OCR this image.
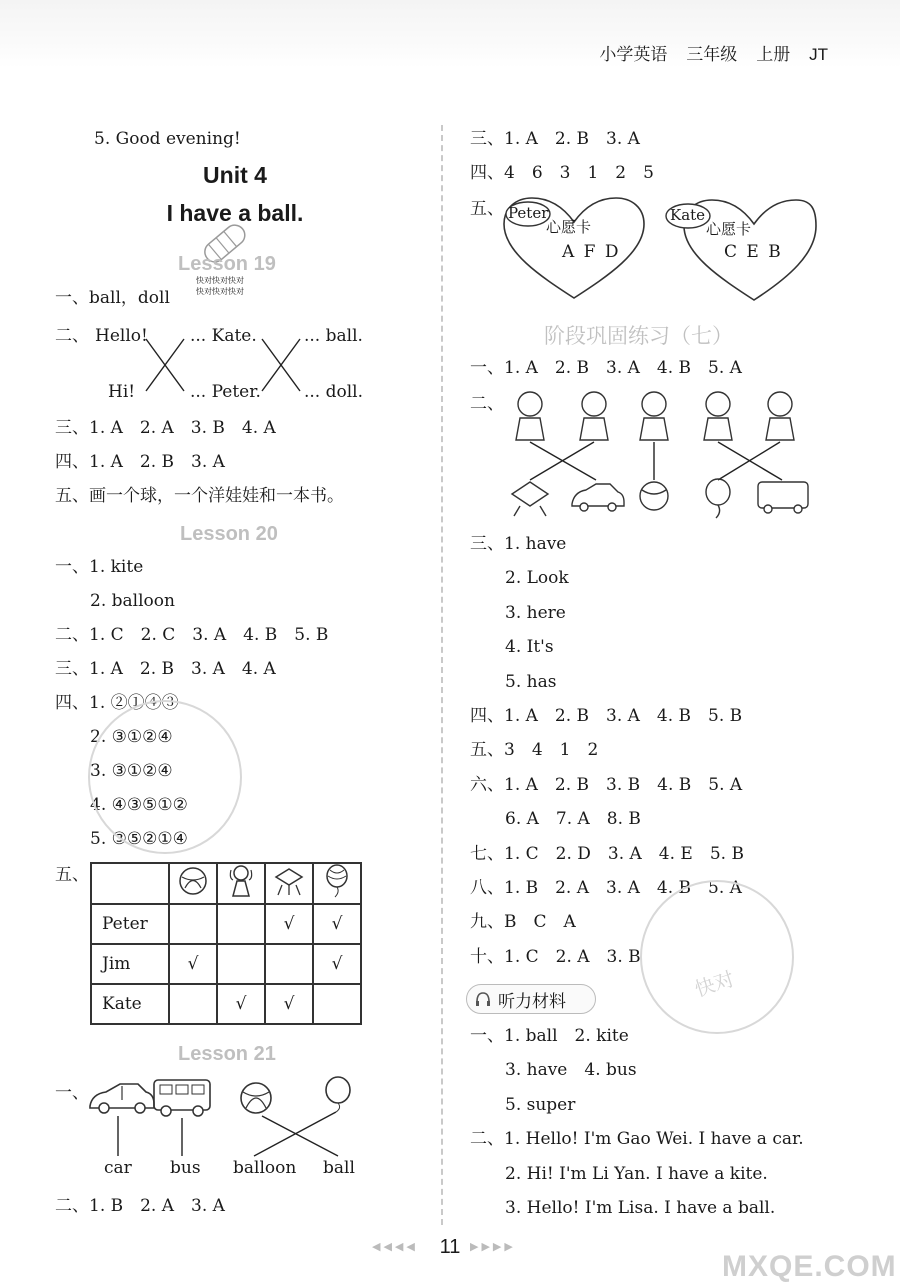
小学英语 三年级 上册 JT
5. Good evening!
Unit 4
I have a ball.
Lesson 19
快对快对快对
快对快对快对
一、ball，doll
二、 Hello!
Hi!
... Kate.
... Peter.
... ball.
... doll.
三、1. A　2. A　3. B　4. A
四、1. A　2. B　3. A
五、画一个球，一个洋娃娃和一本书。
Lesson 20
一、1. kite
2. balloon
二、1. C　2. C　3. A　4. B　5. B
三、1. A　2. B　3. A　4. A
四、1. ②①④③
2. ③①②④
3. ③①②④
4. ④③⑤①②
5. ③⑤②①④
五、

Peter			√	√
Jim	√			√
Kate		√	√	
Lesson 21
一、
car bus balloon ball
二、1. B　2. A　3. A
三、1. A　2. B　3. A
四、4　6　3　1　2　5
五、 Peter
心愿卡
A F D
Kate
心愿卡
C E B
阶段巩固练习（七）
一、1. A　2. B　3. A　4. B　5. A
二、
三、1. have
2. Look
3. here
4. It's
5. has
四、1. A　2. B　3. A　4. B　5. B
五、3　4　1　2
六、1. A　2. B　3. B　4. B　5. A
6. A　7. A　8. B
七、1. C　2. D　3. A　4. E　5. B
八、1. B　2. A　3. A　4. B　5. A
九、B　C　A
十、1. C　2. A　3. B
听力材料
一、1. ball　2. kite
3. have　4. bus
5. super
二、1. Hello! I'm Gao Wei. I have a car.
2. Hi! I'm Li Yan. I have a kite.
3. Hello! I'm Lisa. I have a ball.
快对
MXQE.COM
◀◀◀◀	11 ▶▶▶▶
